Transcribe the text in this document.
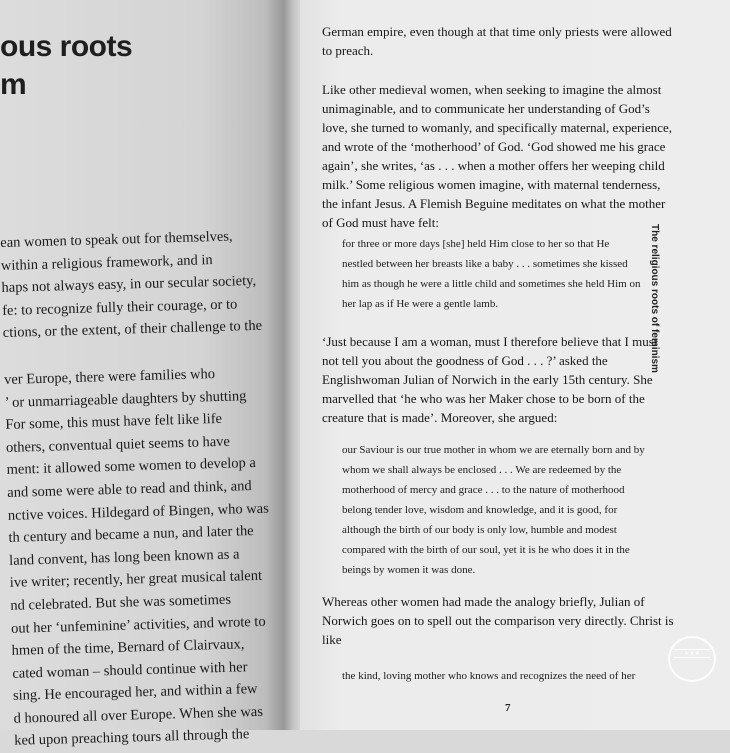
ous roots
m
ean women to speak out for themselves,
within a religious framework, and in
haps not always easy, in our secular society,
fe: to recognize fully their courage, or to
ctions, or the extent, of their challenge to the
ver Europe, there were families who
’ or unmarriageable daughters by shutting
For some, this must have felt like life
others, conventual quiet seems to have
ment: it allowed some women to develop a
and some were able to read and think, and
nctive voices. Hildegard of Bingen, who was
th century and became a nun, and later the
land convent, has long been known as a
ive writer; recently, her great musical talent
nd celebrated. But she was sometimes
out her ‘unfeminine’ activities, and wrote to
hmen of the time, Bernard of Clairvaux,
cated woman – should continue with her
sing. He encouraged her, and within a few
d honoured all over Europe. When she was
ked upon preaching tours all through the

German empire, even though at that time only priests were allowed
to preach.

Like other medieval women, when seeking to imagine the almost
unimaginable, and to communicate her understanding of God’s
love, she turned to womanly, and specifically maternal, experience,
and wrote of the ‘motherhood’ of God. ‘God showed me his grace
again’, she writes, ‘as . . . when a mother offers her weeping child
milk.’ Some religious women imagine, with maternal tenderness,
the infant Jesus. A Flemish Beguine meditates on what the mother
of God must have felt:

for three or more days [she] held Him close to her so that He
nestled between her breasts like a baby . . . sometimes she kissed
him as though he were a little child and sometimes she held Him on
her lap as if He were a gentle lamb.

‘Just because I am a woman, must I therefore believe that I must
not tell you about the goodness of God . . . ?’ asked the
Englishwoman Julian of Norwich in the early 15th century. She
marvelled that ‘he who was her Maker chose to be born of the
creature that is made’. Moreover, she argued:

our Saviour is our true mother in whom we are eternally born and by
whom we shall always be enclosed . . . We are redeemed by the
motherhood of mercy and grace . . . to the nature of motherhood
belong tender love, wisdom and knowledge, and it is good, for
although the birth of our body is only low, humble and modest
compared with the birth of our soul, yet it is he who does it in the
beings by women it was done.

Whereas other women had made the analogy briefly, Julian of
Norwich goes on to spell out the comparison very directly. Christ is
like

the kind, loving mother who knows and recognizes the need of her
7
★★★
The religious roots of feminism
